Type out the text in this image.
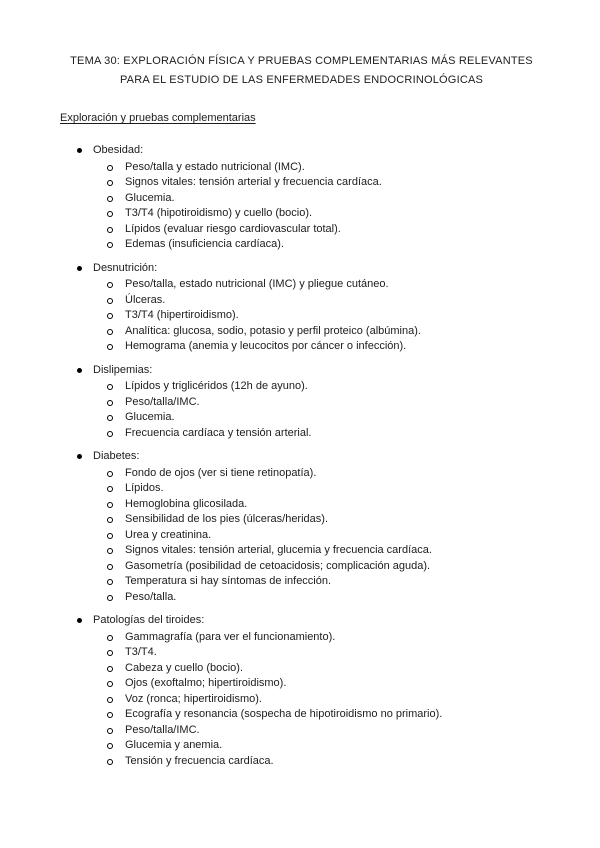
TEMA 30: EXPLORACIÓN FÍSICA Y PRUEBAS COMPLEMENTARIAS MÁS RELEVANTES
PARA EL ESTUDIO DE LAS ENFERMEDADES ENDOCRINOLÓGICAS
Exploración y pruebas complementarias
Obesidad:
Peso/talla y estado nutricional (IMC).
Signos vitales: tensión arterial y frecuencia cardíaca.
Glucemia.
T3/T4 (hipotiroidismo) y cuello (bocio).
Lípidos (evaluar riesgo cardiovascular total).
Edemas (insuficiencia cardíaca).
Desnutrición:
Peso/talla, estado nutricional (IMC) y pliegue cutáneo.
Úlceras.
T3/T4 (hipertiroidismo).
Analítica: glucosa, sodio, potasio y perfil proteico (albúmina).
Hemograma (anemia y leucocitos por cáncer o infección).
Dislipemias:
Lípidos y triglicéridos (12h de ayuno).
Peso/talla/IMC.
Glucemia.
Frecuencia cardíaca y tensión arterial.
Diabetes:
Fondo de ojos (ver si tiene retinopatía).
Lípidos.
Hemoglobina glicosilada.
Sensibilidad de los pies (úlceras/heridas).
Urea y creatinina.
Signos vitales: tensión arterial, glucemia y frecuencia cardíaca.
Gasometría (posibilidad de cetoacidosis; complicación aguda).
Temperatura si hay síntomas de infección.
Peso/talla.
Patologías del tiroides:
Gammagrafía (para ver el funcionamiento).
T3/T4.
Cabeza y cuello (bocio).
Ojos (exoftalmo; hipertiroidismo).
Voz (ronca; hipertiroidismo).
Ecografía y resonancia (sospecha de hipotiroidismo no primario).
Peso/talla/IMC.
Glucemia y anemia.
Tensión y frecuencia cardíaca.
